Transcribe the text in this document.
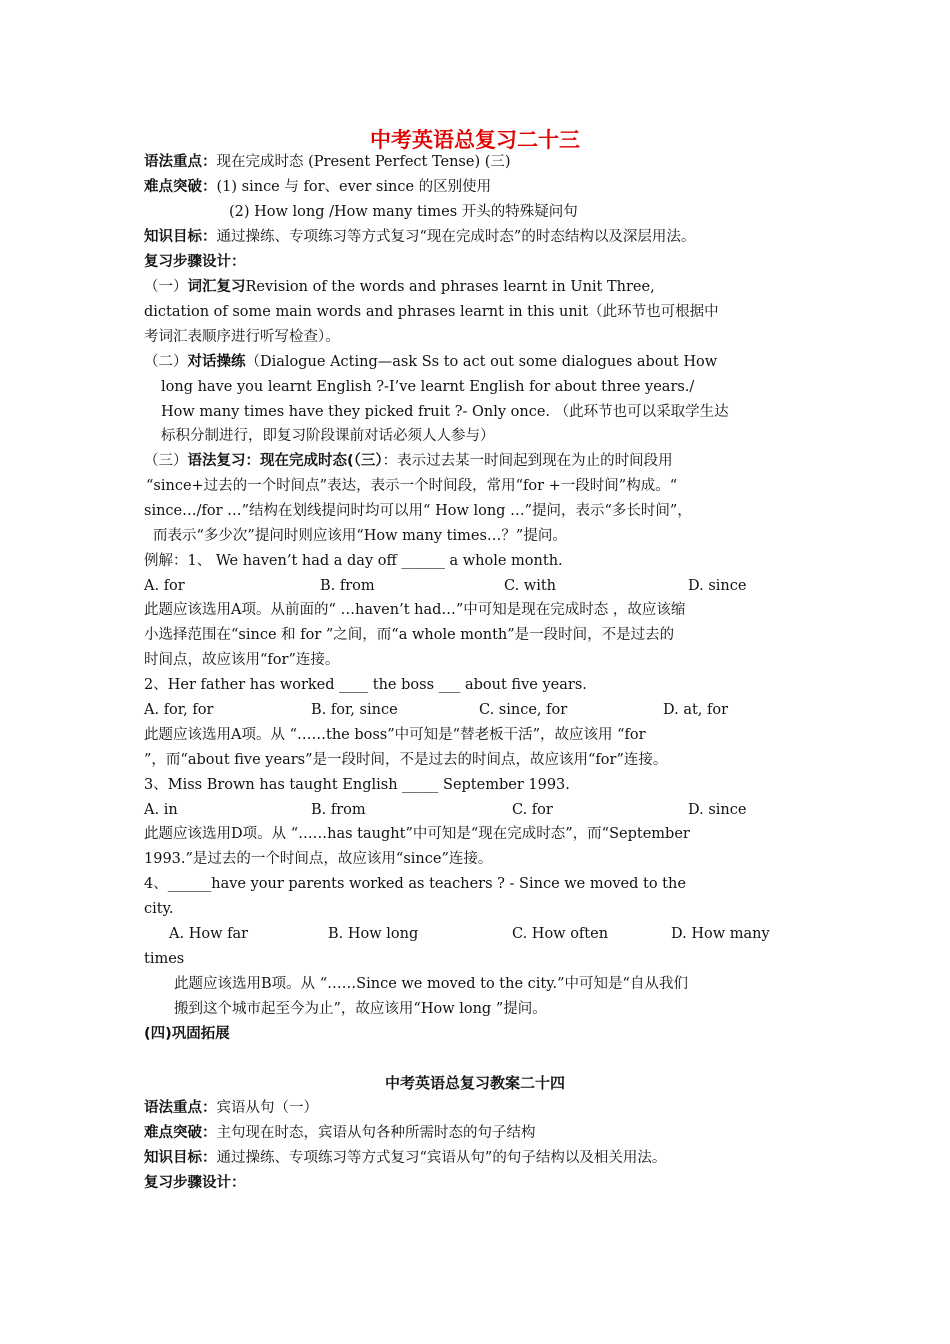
中考英语总复习二十三
语法重点：现在完成时态 (Present Perfect Tense) (三)
难点突破：(1) since 与 for、ever since 的区别使用
(2) How long /How many times 开头的特殊疑问句
知识目标：通过操练、专项练习等方式复习“现在完成时态”的时态结构以及深层用法。
复习步骤设计：
（一）词汇复习Revision of the words and phrases learnt in Unit Three,
dictation of some main words and phrases learnt in this unit（此环节也可根据中
考词汇表顺序进行听写检查）。
（二）对话操练（Dialogue Acting—ask Ss to act out some dialogues about How
long have you learnt English ?-I’ve learnt English for about three years./
How many times have they picked fruit ?- Only once. （此环节也可以采取学生达
标积分制进行，即复习阶段课前对话必须人人参与）
（三）语法复习：现在完成时态(（三）：表示过去某一时间起到现在为止的时间段用
“since+过去的一个时间点”表达，表示一个时间段，常用“for +一段时间”构成。“
since…/for …”结构在划线提问时均可以用“ How long …”提问，表示“多长时间”，
而表示“多少次”提问时则应该用“How many times…？”提问。
例解：1、 We haven’t had a day off ______ a whole month.
A. for	B. from	C. with	D. since
此题应该选用A项。从前面的“ …haven’t had…”中可知是现在完成时态 ，故应该缩
小选择范围在“since 和 for ”之间，而“a whole month”是一段时间，不是过去的
时间点，故应该用“for”连接。
2、Her father has worked ____ the boss ___ about five years.
A. for, for	B. for, since	C. since, for	D. at, for
此题应该选用A项。从 “……the boss”中可知是“替老板干活”，故应该用 “for
”，而“about five years”是一段时间，不是过去的时间点，故应该用“for”连接。
3、Miss Brown has taught English _____ September 1993.
A. in	B. from	C. for	D. since
此题应该选用D项。从 “……has taught”中可知是“现在完成时态”，而“September
1993.”是过去的一个时间点，故应该用“since”连接。
4、______have your parents worked as teachers ? - Since we moved to the
city.
A. How far	B. How long	C. How often	D. How many
times
此题应该选用B项。从 “……Since we moved to the city.”中可知是“自从我们
搬到这个城市起至今为止”，故应该用“How long ”提问。
(四)巩固拓展
中考英语总复习教案二十四
语法重点：宾语从句（一）
难点突破：主句现在时态，宾语从句各种所需时态的句子结构
知识目标：通过操练、专项练习等方式复习“宾语从句”的句子结构以及相关用法。
复习步骤设计：
